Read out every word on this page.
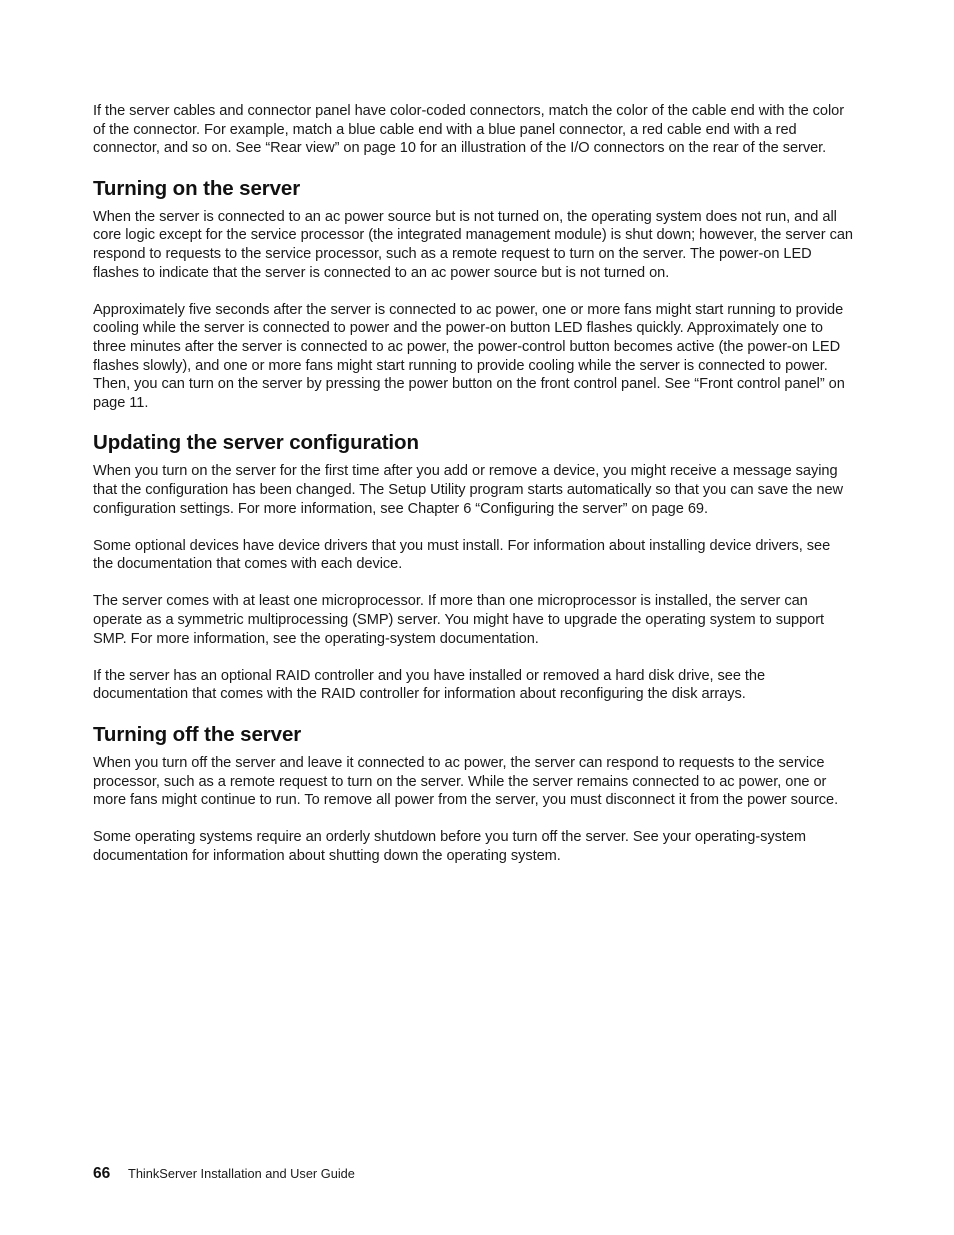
If the server cables and connector panel have color-coded connectors, match the color of the cable end with the color of the connector. For example, match a blue cable end with a blue panel connector, a red cable end with a red connector, and so on. See “Rear view” on page 10 for an illustration of the I/O connectors on the rear of the server.

Turning on the server

When the server is connected to an ac power source but is not turned on, the operating system does not run, and all core logic except for the service processor (the integrated management module) is shut down; however, the server can respond to requests to the service processor, such as a remote request to turn on the server. The power-on LED flashes to indicate that the server is connected to an ac power source but is not turned on.

Approximately five seconds after the server is connected to ac power, one or more fans might start running to provide cooling while the server is connected to power and the power-on button LED flashes quickly. Approximately one to three minutes after the server is connected to ac power, the power-control button becomes active (the power-on LED flashes slowly), and one or more fans might start running to provide cooling while the server is connected to power. Then, you can turn on the server by pressing the power button on the front control panel. See “Front control panel” on page 11.

Updating the server configuration

When you turn on the server for the first time after you add or remove a device, you might receive a message saying that the configuration has been changed. The Setup Utility program starts automatically so that you can save the new configuration settings. For more information, see Chapter 6 “Configuring the server” on page 69.

Some optional devices have device drivers that you must install. For information about installing device drivers, see the documentation that comes with each device.

The server comes with at least one microprocessor. If more than one microprocessor is installed, the server can operate as a symmetric multiprocessing (SMP) server. You might have to upgrade the operating system to support SMP. For more information, see the operating-system documentation.

If the server has an optional RAID controller and you have installed or removed a hard disk drive, see the documentation that comes with the RAID controller for information about reconfiguring the disk arrays.

Turning off the server

When you turn off the server and leave it connected to ac power, the server can respond to requests to the service processor, such as a remote request to turn on the server. While the server remains connected to ac power, one or more fans might continue to run. To remove all power from the server, you must disconnect it from the power source.

Some operating systems require an orderly shutdown before you turn off the server. See your operating-system documentation for information about shutting down the operating system.

66	ThinkServer Installation and User Guide
